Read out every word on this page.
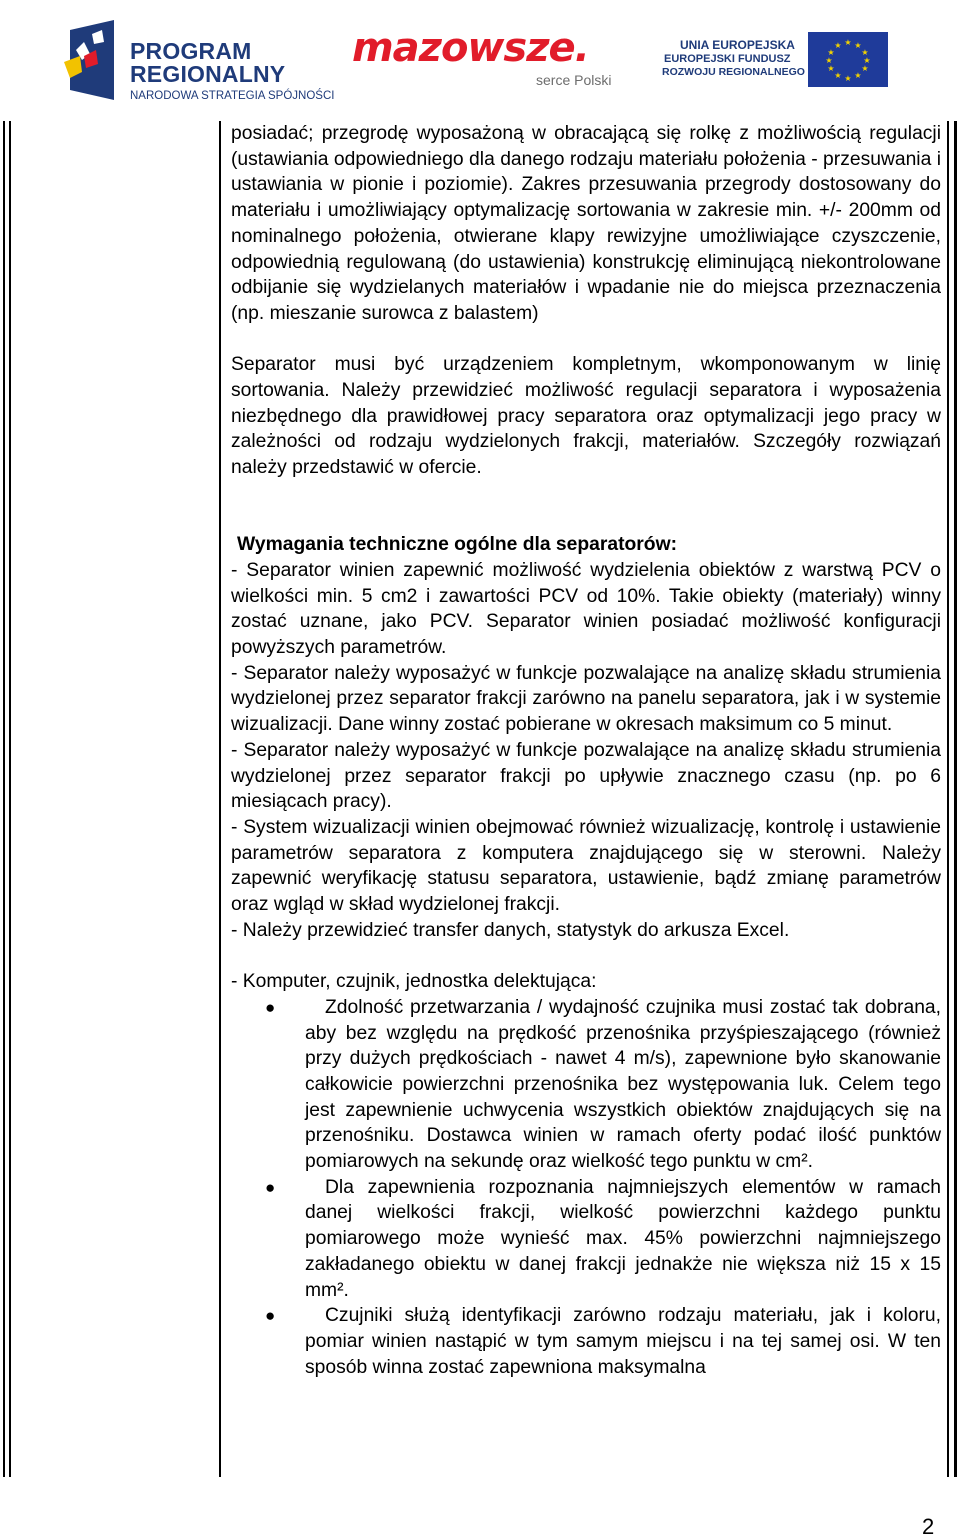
PROGRAM
REGIONALNY
NARODOWA STRATEGIA SPÓJNOŚCI
mazowsze.
serce Polski
UNIA EUROPEJSKA
EUROPEJSKI FUNDUSZ
ROZWOJU REGIONALNEGO
★ ★
★
★
★
★
★
★
★
★
★
★

posiadać; przegrodę wyposażoną w obracającą się rolkę z możliwością regulacji (ustawiania odpowiedniego dla danego rodzaju materiału położenia - przesuwania i ustawiania w pionie i poziomie). Zakres przesuwania przegrody dostosowany do materiału i umożliwiający optymalizację sortowania w zakresie min. +/- 200mm od nominalnego położenia, otwierane klapy rewizyjne umożliwiające czyszczenie, odpowiednią regulowaną (do ustawienia) konstrukcję eliminującą niekontrolowane odbijanie się wydzielanych materiałów i wpadanie nie do miejsca przeznaczenia (np. mieszanie surowca z balastem)

Separator musi być urządzeniem kompletnym, wkomponowanym w linię sortowania. Należy przewidzieć możliwość regulacji separatora i wyposażenia niezbędnego dla prawidłowej pracy separatora oraz optymalizacji jego pracy w zależności od rodzaju wydzielonych frakcji, materiałów. Szczegóły rozwiązań należy przedstawić w ofercie.

Wymagania techniczne ogólne dla separatorów:

- Separator winien zapewnić możliwość wydzielenia obiektów z warstwą PCV o wielkości min. 5 cm2 i zawartości PCV od 10%. Takie obiekty (materiały) winny zostać uznane, jako PCV. Separator winien posiadać możliwość konfiguracji powyższych parametrów.

- Separator należy wyposażyć w funkcje pozwalające na analizę składu strumienia wydzielonej przez separator frakcji zarówno na panelu separatora, jak i w systemie wizualizacji. Dane winny zostać pobierane w okresach maksimum co 5 minut.

- Separator należy wyposażyć w funkcje pozwalające na analizę składu strumienia wydzielonej przez separator frakcji po upływie znacznego czasu (np. po 6 miesiącach pracy).

- System wizualizacji winien obejmować również wizualizację, kontrolę i ustawienie parametrów separatora z komputera znajdującego się w sterowni. Należy zapewnić weryfikację statusu separatora, ustawienie, bądź zmianę parametrów oraz wgląd w skład wydzielonej frakcji.

- Należy przewidzieć transfer danych, statystyk do arkusza Excel.

- Komputer, czujnik, jednostka delektująca:

●	Zdolność przetwarzania / wydajność czujnika musi zostać tak dobrana, aby bez względu na prędkość przenośnika przyśpieszającego (również przy dużych prędkościach - nawet 4 m/s), zapewnione było skanowanie całkowicie powierzchni przenośnika bez występowania luk. Celem tego jest zapewnienie uchwycenia wszystkich obiektów znajdujących się na przenośniku. Dostawca winien w ramach oferty podać ilość punktów pomiarowych na sekundę oraz wielkość tego punktu w cm².
●	Dla zapewnienia rozpoznania najmniejszych elementów w ramach danej wielkości frakcji, wielkość powierzchni każdego punktu pomiarowego może wynieść max. 45% powierzchni najmniejszego zakładanego obiektu w danej frakcji jednakże nie większa niż 15 x 15 mm².
●	Czujniki służą identyfikacji zarówno rodzaju materiału, jak i koloru, pomiar winien nastąpić w tym samym miejscu i na tej samej osi. W ten sposób winna zostać zapewniona maksymalna
2
